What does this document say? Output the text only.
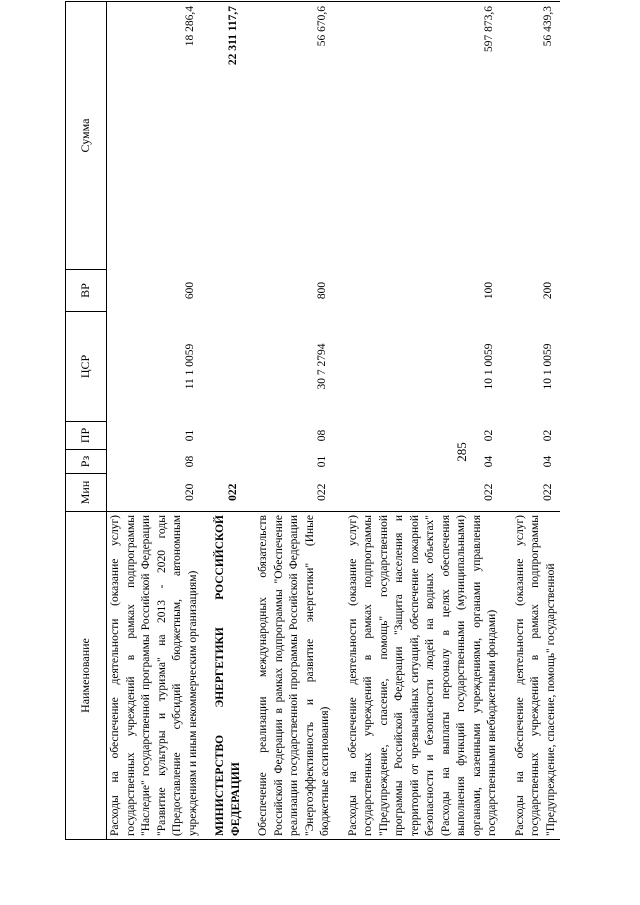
285
Наименование	Мин	Рз	ПР	ЦСР	ВР	Сумма
Расходы на обеспечение деятельности (оказание услуг) государственных учреждений в рамках подпрограммы "Наследие" государственной программы Российской Федерации "Развитие культуры и туризма" на 2013 - 2020 годы (Предоставление субсидий бюджетным, автономным учреждениям и иным некоммерческим организациям)	020	08	01	11 1 0059	600	18 286,4

МИНИСТЕРСТВО ЭНЕРГЕТИКИ РОССИЙСКОЙ ФЕДЕРАЦИИ	022					22 311 117,7

Обеспечение реализации международных обязательств Российской Федерации в рамках подпрограммы "Обеспечение реализации государственной программы Российской Федерации "Энергоэффективность и развитие энергетики" (Иные бюджетные ассигнования)	022	01	08	30 7 2794	800	56 670,6

Расходы на обеспечение деятельности (оказание услуг) государственных учреждений в рамках подпрограммы "Предупреждение, спасение, помощь" государственной программы Российской Федерации "Защита населения и территорий от чрезвычайных ситуаций, обеспечение пожарной безопасности и безопасности людей на водных объектах" (Расходы на выплаты персоналу в целях обеспечения выполнения функций государственными (муниципальными) органами, казенными учреждениями, органами управления государственными внебюджетными фондами)	022	04	02	10 1 0059	100	597 873,6

Расходы на обеспечение деятельности (оказание услуг) государственных учреждений в рамках подпрограммы "Предупреждение, спасение, помощь" государственной	022	04	02	10 1 0059	200	56 439,3
